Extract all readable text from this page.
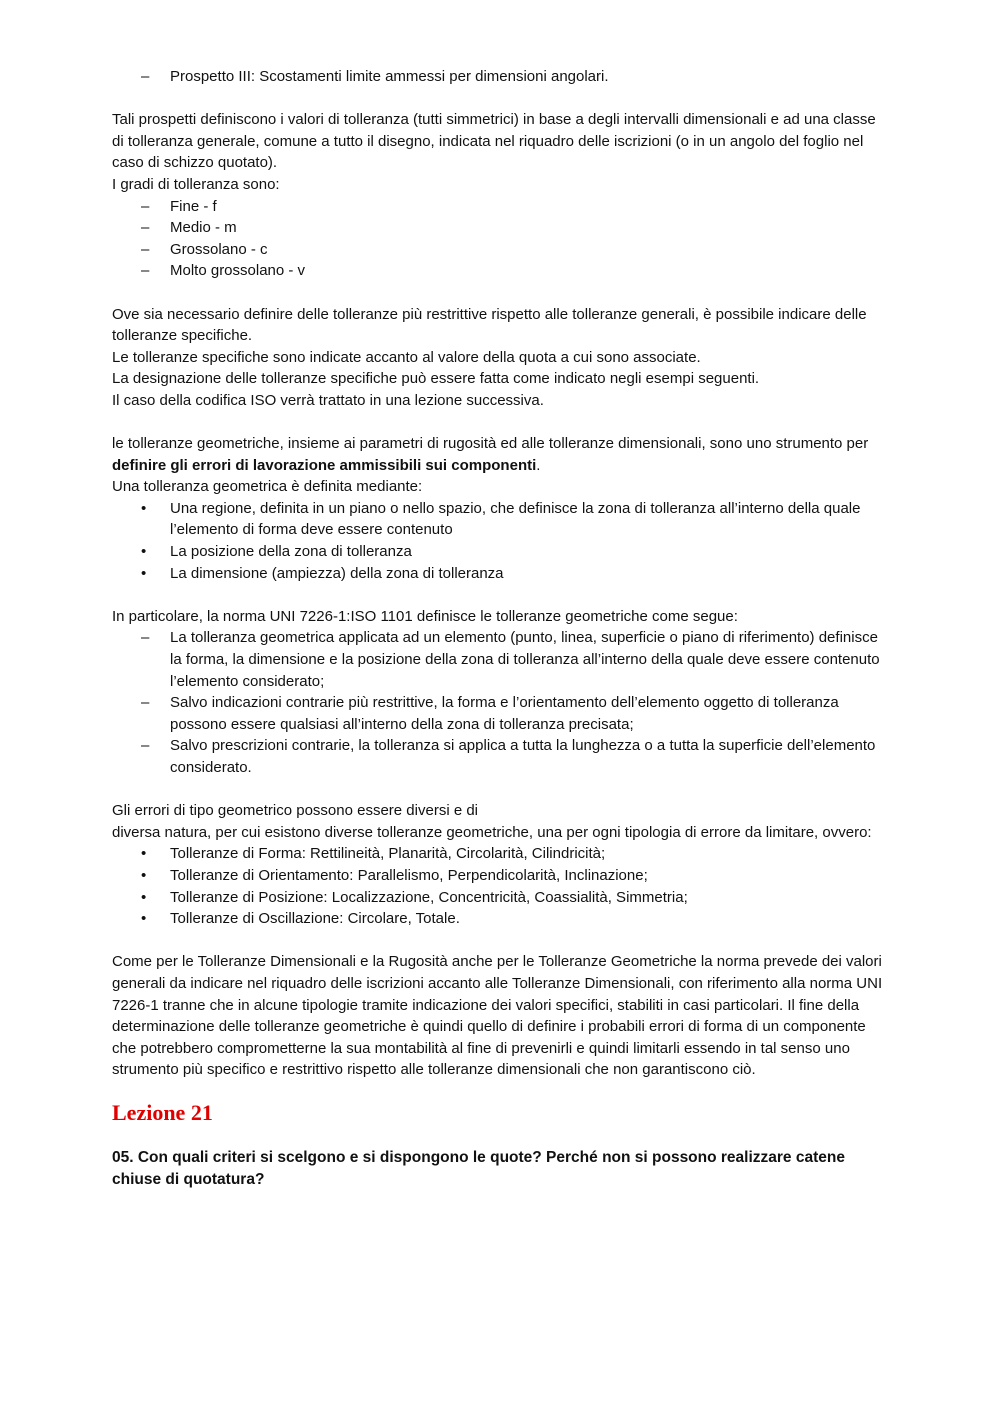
–	Prospetto III: Scostamenti limite ammessi per dimensioni angolari.

Tali prospetti definiscono i valori di tolleranza (tutti simmetrici) in base a degli intervalli dimensionali e ad una classe di tolleranza generale, comune a tutto il disegno, indicata nel riquadro delle iscrizioni (o in un angolo del foglio nel caso di schizzo quotato).

I gradi di tolleranza sono:

–	Fine - f
–	Medio - m
–	Grossolano - c
–	Molto grossolano - v

Ove sia necessario definire delle tolleranze più restrittive rispetto alle tolleranze generali, è possibile indicare delle tolleranze specifiche.

Le tolleranze specifiche sono indicate accanto al valore della quota a cui sono associate.

La designazione delle tolleranze specifiche può essere fatta come indicato negli esempi seguenti.

Il caso della codifica ISO verrà trattato in una lezione successiva.

le tolleranze geometriche, insieme ai parametri di rugosità ed alle tolleranze dimensionali, sono uno strumento per definire gli errori di lavorazione ammissibili sui componenti.

Una tolleranza geometrica è definita mediante:

•	Una regione, definita in un piano o nello spazio, che definisce la zona di tolleranza all’interno della quale l’elemento di forma deve essere contenuto
•	La posizione della zona di tolleranza
•	La dimensione (ampiezza) della zona di tolleranza

In particolare, la norma UNI 7226-1:ISO 1101 definisce le tolleranze geometriche come segue:

–	La tolleranza geometrica applicata ad un elemento (punto, linea, superficie o piano di riferimento) definisce la forma, la dimensione e la posizione della zona di tolleranza all’interno della quale deve essere contenuto l’elemento considerato;
–	Salvo indicazioni contrarie più restrittive, la forma e l’orientamento dell’elemento oggetto di tolleranza possono essere qualsiasi all’interno della zona di tolleranza precisata;
–	Salvo prescrizioni contrarie, la tolleranza si applica a tutta la lunghezza o a tutta la superficie dell’elemento considerato.

Gli errori di tipo geometrico possono essere diversi e di

diversa natura, per cui esistono diverse tolleranze geometriche, una per ogni tipologia di errore da limitare, ovvero:

•	Tolleranze di Forma: Rettilineità, Planarità, Circolarità, Cilindricità;
•	Tolleranze di Orientamento: Parallelismo, Perpendicolarità, Inclinazione;
•	Tolleranze di Posizione: Localizzazione, Concentricità, Coassialità, Simmetria;
•	Tolleranze di Oscillazione: Circolare, Totale.

Come per le Tolleranze Dimensionali e la Rugosità anche per le Tolleranze Geometriche la norma prevede dei valori generali da indicare nel riquadro delle iscrizioni accanto alle Tolleranze Dimensionali, con riferimento alla norma UNI 7226-1 tranne che in alcune tipologie tramite indicazione dei valori specifici, stabiliti in casi particolari. Il fine della determinazione delle tolleranze geometriche è quindi quello di definire i probabili errori di forma di un componente che potrebbero comprometterne la sua montabilità al fine di prevenirli e quindi limitarli essendo in tal senso uno strumento più specifico e restrittivo rispetto alle tolleranze dimensionali che non garantiscono ciò.

Lezione 21
05. Con quali criteri si scelgono e si dispongono le quote? Perché non si possono realizzare catene chiuse di quotatura?
